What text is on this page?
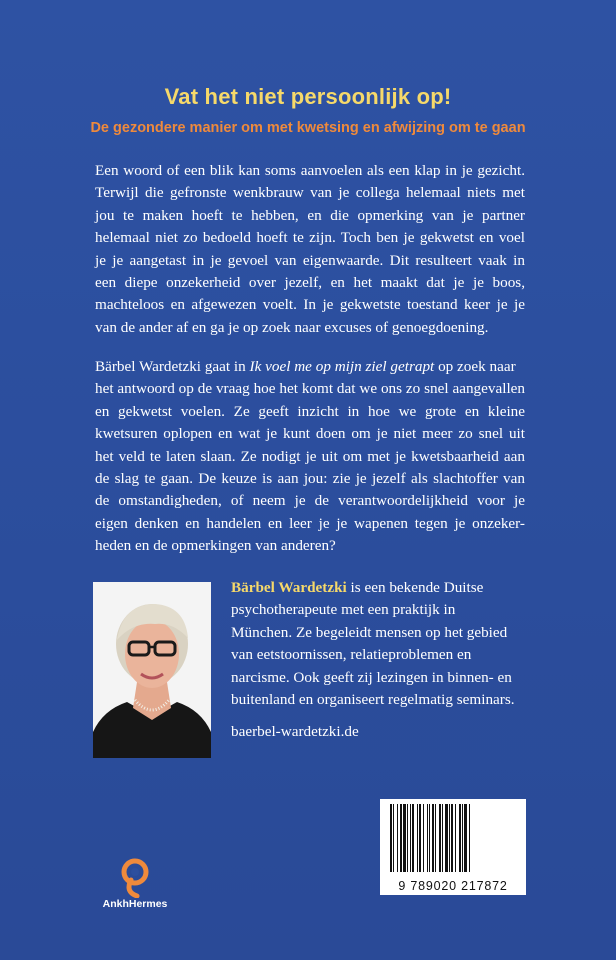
Vat het niet persoonlijk op!
De gezondere manier om met kwetsing en afwijzing om te gaan
Een woord of een blik kan soms aanvoelen als een klap in je gezicht.
Terwijl die gefronste wenkbrauw van je collega helemaal niets met
jou te maken hoeft te hebben, en die opmerking van je partner
helemaal niet zo bedoeld hoeft te zijn. Toch ben je gekwetst en voel
je je aangetast in je gevoel van eigenwaarde. Dit resulteert vaak in
een diepe onzekerheid over jezelf, en het maakt dat je je boos,
machteloos en afgewezen voelt. In je gekwetste toestand keer je je
van de ander af en ga je op zoek naar excuses of genoegdoening.
Bärbel Wardetzki gaat in Ik voel me op mijn ziel getrapt op zoek naar
het antwoord op de vraag hoe het komt dat we ons zo snel aangevallen
en gekwetst voelen. Ze geeft inzicht in hoe we grote en kleine
kwetsuren oplopen en wat je kunt doen om je niet meer zo snel uit
het veld te laten slaan. Ze nodigt je uit om met je kwetsbaarheid aan
de slag te gaan. De keuze is aan jou: zie je jezelf als slachtoffer van
de omstandigheden, of neem je de verantwoordelijkheid voor je
eigen denken en handelen en leer je je wapenen tegen je onzeker-
heden en de opmerkingen van anderen?
Bärbel Wardetzki is een bekende Duitse
psychotherapeute met een praktijk in
München. Ze begeleidt mensen op het gebied
van eetstoornissen, relatieproblemen en
narcisme. Ook geeft zij lezingen in binnen- en
buitenland en organiseert regelmatig seminars.
baerbel-wardetzki.de
9 789020 217872
AnkhHermes
